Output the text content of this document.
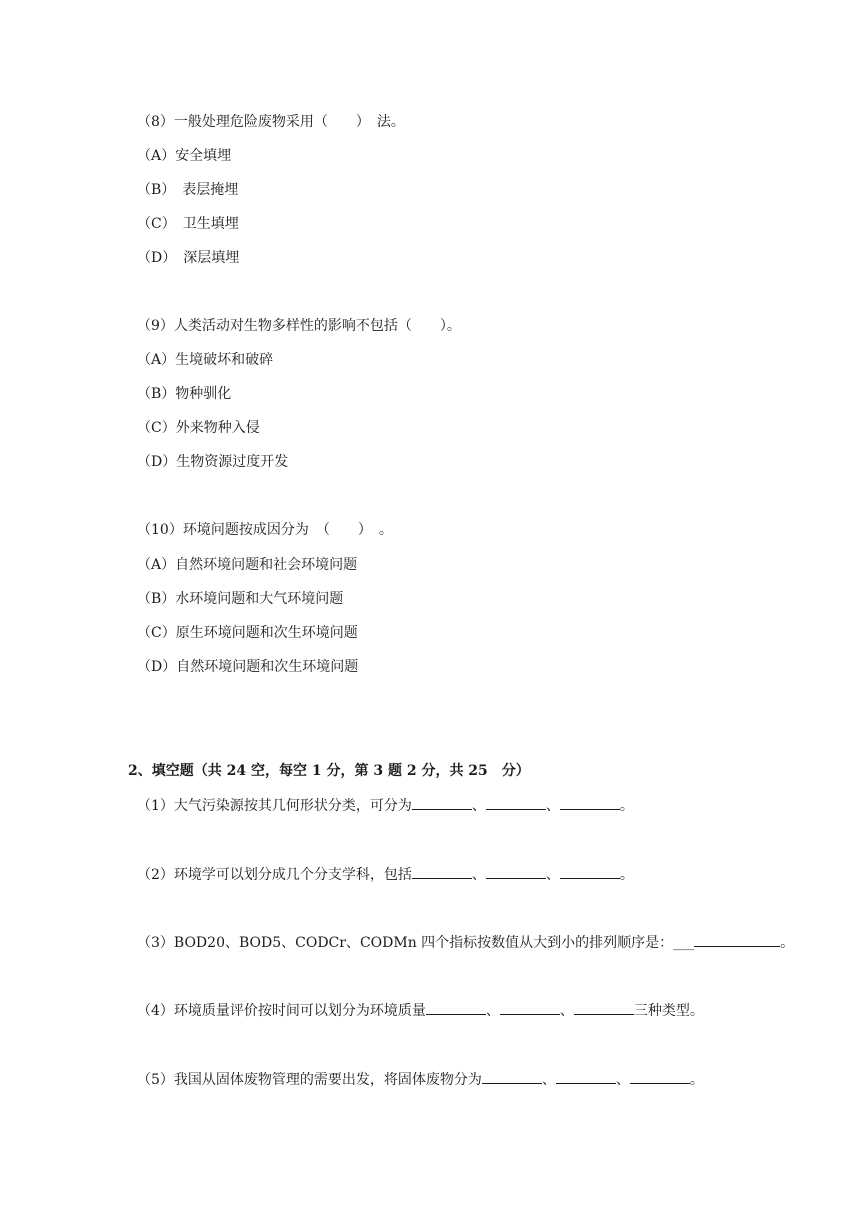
（8）一般处理危险废物采用（　　）　法。
（A）安全填埋
（B）　表层掩埋
（C）　卫生填埋
（D）　深层填埋
（9）人类活动对生物多样性的影响不包括（　　）。
（A）生境破坏和破碎
（B）物种驯化
（C）外来物种入侵
（D）生物资源过度开发
（10）环境问题按成因分为　（　　）　。
（A）自然环境问题和社会环境问题
（B）水环境问题和大气环境问题
（C）原生环境问题和次生环境问题
（D）自然环境问题和次生环境问题
2、填空题（共 24 空，每空 1 分，第 3 题 2 分，共 25　分）
（1）大气污染源按其几何形状分类，可分为	、	、	。
（2）环境学可以划分成几个分支学科，包括	、	、	。
（3）BOD20、BOD5、CODCr、CODMn 四个指标按数值从大到小的排列顺序是：___	。
（4）环境质量评价按时间可以划分为环境质量	、	、	三种类型。
（5）我国从固体废物管理的需要出发，将固体废物分为	、	、	。
